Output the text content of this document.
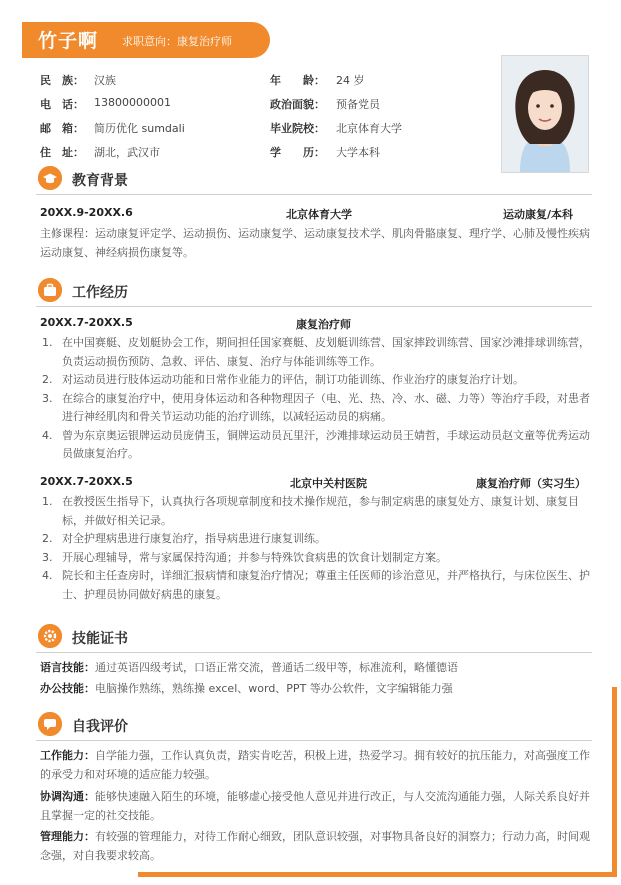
竹子啊 求职意向：康复治疗师
民　族： 汉族	年　　龄： 24 岁
电　话： 13800000001	政治面貌： 预备党员
邮　箱： 简历优化 sumdali	毕业院校： 北京体育大学
住　址： 湖北，武汉市	学　　历： 大学本科
教育背景
20XX.9-20XX.6	北京体育大学	运动康复/本科
主修课程：运动康复评定学、运动损伤、运动康复学、运动康复技术学、肌肉骨骼康复、理疗学、心肺及慢性疾病运动康复、神经病损伤康复等。
工作经历
20XX.7-20XX.5	康复治疗师
1. 在中国赛艇、皮划艇协会工作，期间担任国家赛艇、皮划艇训练营、国家摔跤训练营、国家沙滩排球训练营，负责运动损伤预防、急救、评估、康复、治疗与体能训练等工作。
2. 对运动员进行肢体运动功能和日常作业能力的评估，制订功能训练、作业治疗的康复治疗计划。
3. 在综合的康复治疗中，使用身体运动和各种物理因子（电、光、热、冷、水、磁、力等）等治疗手段，对患者进行神经肌肉和骨关节运动功能的治疗训练，以减轻运动员的病痛。
4. 曾为东京奥运银牌运动员庞倩玉，铜牌运动员瓦里汗，沙滩排球运动员王婧哲，手球运动员赵文童等优秀运动员做康复治疗。
20XX.7-20XX.5	北京中关村医院	康复治疗师（实习生）
1. 在教授医生指导下，认真执行各项规章制度和技术操作规范，参与制定病患的康复处方、康复计划、康复目标，并做好相关记录。
2. 对全护理病患进行康复治疗，指导病患进行康复训练。
3. 开展心理辅导，常与家属保持沟通；并参与特殊饮食病患的饮食计划制定方案。
4. 院长和主任查房时，详细汇报病情和康复治疗情况；尊重主任医师的诊治意见，并严格执行，与床位医生、护士、护理员协同做好病患的康复。
技能证书
语言技能：通过英语四级考试，口语正常交流，普通话二级甲等，标准流利，略懂德语
办公技能：电脑操作熟练，熟练操 excel、word、PPT 等办公软件，文字编辑能力强
自我评价
工作能力：自学能力强，工作认真负责，踏实肯吃苦，积极上进，热爱学习。拥有较好的抗压能力，对高强度工作的承受力和对环境的适应能力较强。
协调沟通：能够快速融入陌生的环境，能够虚心接受他人意见并进行改正，与人交流沟通能力强，人际关系良好并且掌握一定的社交技能。
管理能力：有较强的管理能力，对待工作耐心细致，团队意识较强，对事物具备良好的洞察力；行动力高，时间观念强，对自我要求较高。
